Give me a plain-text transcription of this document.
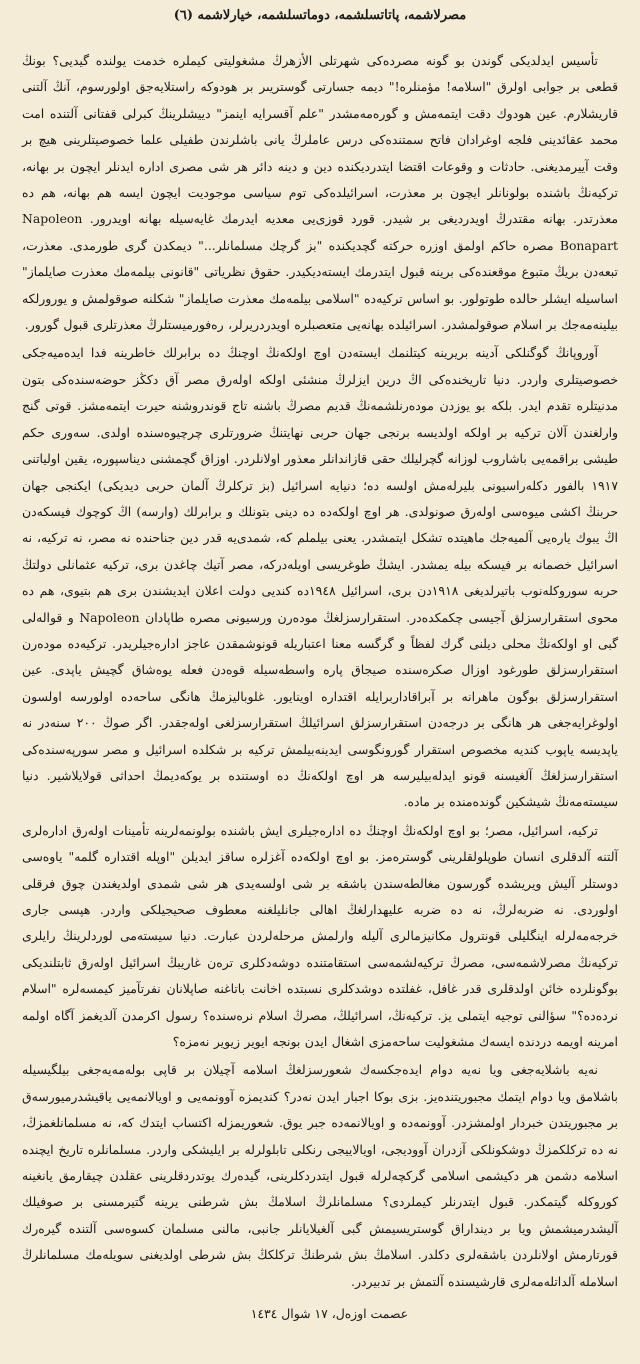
مصرلاشمه، پاتاتسلشمه، دوماتسلشمه، خيارلاشمه (٦)

تأسيس ايدلديكى گوندن بو گونه مصرده‌كى شهرتلى الأزهرڭ مشغوليتى كيملره خدمت يولنده گيديى؟ بونڭ قطعى بر جوابى اولرق "اسلامه! مؤمنلره!" ديمه جسارتى گوستريىر بر هودوكه راستلايه‌جق اولورسوم، آنڭ آلتنى قاريشلارم. عين هودوك دقت ايتمه‌مش و گوره‌مه‌مشدر "علم آقسرايه اينمز" دييشلرينڭ كبرلى قفتانى آلتنده امت محمد عقائدينى فلجه اوغرادان فاتح سمتنده‌كى درس عاملرڭ يانى باشلرندن طفيلى علما خصوصيتلرينى هيچ بر وقت آييرمديغنى. حادثات و وقوعات اقتضا ايتدرديكنده دين و دينه دائر هر شى مصرى اداره ايدنلر ايچون بر بهانه، تركيه‌نڭ باشنده بولونانلر ايچون بر معذرت، اسرائيلده‌كى توم سياسى موجوديت ايچون ايسه هم بهانه، هم ده معذرتدر. بهانه مقتدرڭ اويدرديغى بر شيدر. قورد قوزى‌يى معديه ايدرمك غايه‌سيله بهانه اويدرور. Napoleon Bonapart مصره حاكم اولمق اوزره حركته گچديكنده "بز گرچك مسلمانلر..." ديمكدن گرى طورمدى. معذرت، تبعه‌دن بريڭ متبوع موقعنده‌كى برينه قبول ايتدرمك ايسته‌ديكيدر. حقوق نظرياتى "قانونى بيلمه‌مك معذرت صايلماز" اساسيله ايشلر حالده طوتولور. بو اساس تركيه‌ده "اسلامى بيلمه‌مك معذرت صايلماز" شكلنه صوقولمش و يورورلكه بيلينه‌مه‌جك بر اسلام صوقولمشدر. اسرائيلده بهانه‌يى متعصبلره اويدردريرلر، رەفورميستلرڭ معذرتلرى قبول گورور.

آوروپانڭ گوگنلكى آدينه بريرينه كيتلنمك ايسته‌دن اوچ اولكه‌نڭ اوچنڭ ده برابرلك خاطرينه فدا ايده‌ميه‌جكى خصوصيتلرى واردر. دنيا تاريخنده‌كى اڭ درين ايزلرڭ منشئى اولكه اولەرق مصر آق دكڭز حوضه‌سنده‌كى بتون مدنيتلره تقدم ايدر. بلكه بو يوزدن مودەرنلشمه‌نڭ قديم مصرڭ باشنه تاج قوندروشنه حيرت ايتمه‌مشز. قوتى گنج وارلغندن آلان تركيه بر اولكه اولديسه برنجى جهان حربى نهايتنڭ ضرورتلرى چرچيوه‌سنده اولدى. سەورى حكم طيشى براقمه‌يى باشاروب لوزانه گچرليلك حقى قازاندانلر معذور اولانلردر. اوزاق گچمشنى ديناسپوره، يقين اولياتنى ١٩١٧ بالفور دكلەراسيونى بليرلەمش اولسه ده؛ دنيايه اسرائيل (بز تركلرڭ آلمان حربى ديديكى) ايكنجى جهان حربنڭ اكشى ميوه‌سى اولەرق صونولدى. هر اوچ اولكه‌ده ده دينى بتونلك و برابرلك (وارسه) اڭ كوچوك فيسكه‌دن اڭ يبوك ياره‌يى آلميه‌جك ماهيتده تشكل ايتمشدر. يعنى بيلملم كه، شمدى‌يه قدر دين جناحنده نه مصر، نه تركيه، نه اسرائيل خصمانه بر فيسكه بيله يمشدر. ايشڭ طوغريسى اويله‌دركه، مصر آتيك چاغدن برى، تركيه عثمانلى دولتڭ حربه سوروكلەنوب باتيرلديغى ١٩١٨دن برى، اسرائيل ١٩٤٨ده كنديى دولت اعلان ايديشندن برى هم بتيوى، هم ده محوى استقرارسزلق آجيسى چكمكده‌در. استقرارسزلغڭ مودەرن ورسيونى مصره طاپادان Napoleon و قواله‌لى گبى او اولكه‌نڭ محلى ديلنى گرك لفظاً و گرگسه معنا اعتباريله قونوشمقدن عاجز اداره‌جيلريدر. تركيه‌ده مودەرن استقرارسزلق طورغود اوزال صكرەسنده صيجاق پاره واسطه‌سيله قوەدن فعله يوەشاق گچيش ياپدى. عين استقرارسزلق بوگون ماهرانه بر آبراقاداربرايله اقتداره اوينايور. غلوباليزمڭ هانگى ساحه‌ده اولورسه اولسون اولوغرايه‌جغى هر هانگى بر درجه‌دن استقرارسزلق اسرائيلڭ استقرارسزلغى اوله‌جقدر. اگر صوڭ ٢٠٠ سنه‌در نه ياپديسه ياپوب كنديه مخصوص استقرار گورونگوسى ايدينه‌بيلمش تركيه بر شكلده اسرائيل و مصر سورپه‌سنده‌كى استقرارسزلغڭ آلغيسنه قونو ايدلەبيليرسه هر اوچ اولكه‌نڭ ده اوستنده بر يوكه‌ديمڭ احداثى قولايلاشير. دنيا سيستەمه‌نڭ شيشكين گوندەمنده بر ماده.

تركيه، اسرائيل، مصر؛ بو اوچ اولكه‌نڭ اوچنڭ ده اداره‌جيلرى ايش باشنده بولونمه‌لرينه تأمينات اولەرق اداره‌لرى آلتنه آلدقلرى انسان طوپلولقلرينى گوستره‌مز. بو اوچ اولكه‌ده آغزلره ساقز ايديلن "اوپله اقتداره گلمه" ياوه‌سى دوستلر آليش ويريشده گورسون مغالطه‌سندن باشقه بر شى اولسه‌يدى هر شى شمدى اولديغندن چوق فرقلى اولوردى. نه ضربەلرڭ، نه ده ضربه عليهدارلغڭ اهالى جانليلغنه معطوف صحيجيلكى واردر. هپسى جارى خرجه‌مەلرله اينگليلى قونترول مكانيزمالرى آليله وارلمش مرحلەلردن عبارت. دنيا سيستەمى لوردلرينڭ رايلرى تركيه‌نڭ مصرلاشمه‌سى، مصرڭ تركيه‌لشمه‌سى استقامتنده دوشه‌دكلرى ترەن غاريبڭ اسرائيل اولەرق ثابتلنديكى بوگونلرده خائن اولدقلرى قدر غافل، غفلتده دوشدكلرى نسبتده اخانت باتاغنه صاپلانان نفرتآميز كيمسه‌لره "اسلام نرده‌ده؟" سؤالنى توجيه ايتملى يز. تركيه‌نڭ، اسرائيلڭ، مصرڭ اسلام نرەسنده؟ رسول اكرمدن آلديغمز آگاه اولمه امرينه اويمه دردنده ايسه‌ك مشغوليت ساحه‌مزى اشغال ايدن بونجه ايوير زيوير نه‌مزه؟

نه‌يه باشلايه‌جغى ويا نه‌يه دوام ايده‌جكسه‌ك شعورسزلغڭ اسلامه آچيلان بر قاپى بولەمەيەجغى بيلگيسيله باشلامق ويا دوام ايتمك مجبوريتنده‌يز. بزى بوكا اجبار ايدن نه‌در؟ كنديمزه آوونمه‌يى و اويالانمه‌يى ياقيشدرميورسەق بر مجبوريتدن خبردار اولمشزدر. آوونمه‌ده و اويالانمه‌ده جبر يوق. شعوريمزله اكتساب ايتدك كه، نه مسلمانلغمزڭ، نه ده تركلكمزڭ دوشكونلكى آزدران آووديجى، اويالاييجى رنكلى تابلولرله بر ايليشكى واردر. مسلمانلره تاريخ ايچنده اسلامه دشمن هر دكيشمى اسلامى گركچەلرله قبول ايتدردكلرينى، گيده‌رك يوتدردقلرينى عقلدن چيقارمق يانغينه كوروكله گيتمكدر. قبول ايتدرنلر كيملردى؟ مسلمانلرڭ اسلامڭ بش شرطنى يرينه گتيرمسنى بر صوفيلك آليشدرميشمش ويا بر دينداراق گوستريسيمش گبى آلغيلايانلر جانبى، مالنى مسلمان كسوه‌سى آلتنده گيره‌رك قورتارمش اولانلردن باشقه‌لرى دكلدر. اسلامڭ بش شرطنڭ تركلكڭ بش شرطى اولديغنى سويلەمك مسلمانلرڭ اسلامله آلداتلەمەلرى قارشيسنده آلتمش بر تدبيردر.

عصمت اوزەل، ١٧ شوال ١٤٣٤
